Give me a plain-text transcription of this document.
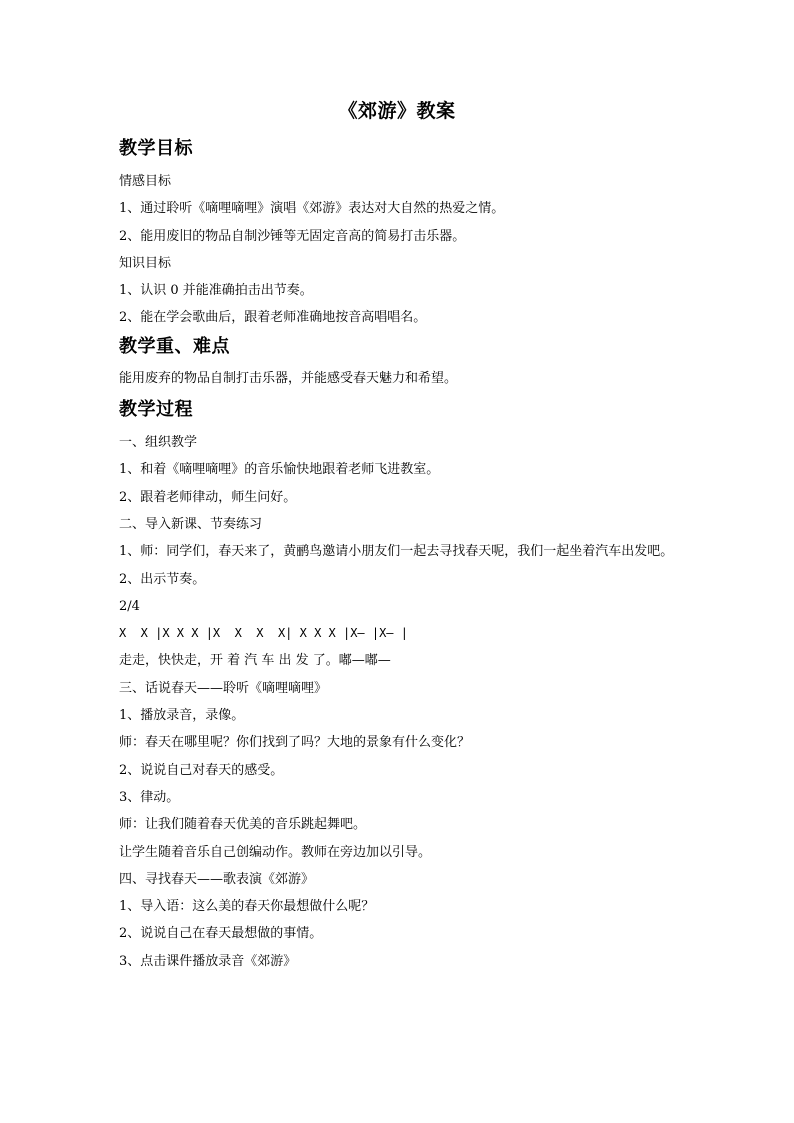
《郊游》教案
教学目标
情感目标
1、通过聆听《嘀哩嘀哩》演唱《郊游》表达对大自然的热爱之情。
2、能用废旧的物品自制沙锤等无固定音高的简易打击乐器。
知识目标
1、认识 0 并能准确拍击出节奏。
2、能在学会歌曲后，跟着老师准确地按音高唱唱名。
教学重、难点
能用废弃的物品自制打击乐器，并能感受春天魅力和希望。
教学过程
一、组织教学
1、和着《嘀哩嘀哩》的音乐愉快地跟着老师飞进教室。
2、跟着老师律动，师生问好。
二、导入新课、节奏练习
1、师：同学们，春天来了，黄鹂鸟邀请小朋友们一起去寻找春天呢，我们一起坐着汽车出发吧。
2、出示节奏。
2/4
X  X |X X X |X  X  X  X| X X X |X— |X— |
走走，快快走，开 着 汽 车 出 发 了。嘟—嘟—
三、话说春天——聆听《嘀哩嘀哩》
1、播放录音，录像。
师：春天在哪里呢？你们找到了吗？大地的景象有什么变化？
2、说说自己对春天的感受。
3、律动。
师：让我们随着春天优美的音乐跳起舞吧。
让学生随着音乐自己创编动作。教师在旁边加以引导。
四、寻找春天——歌表演《郊游》
1、导入语：这么美的春天你最想做什么呢？
2、说说自己在春天最想做的事情。
3、点击课件播放录音《郊游》
